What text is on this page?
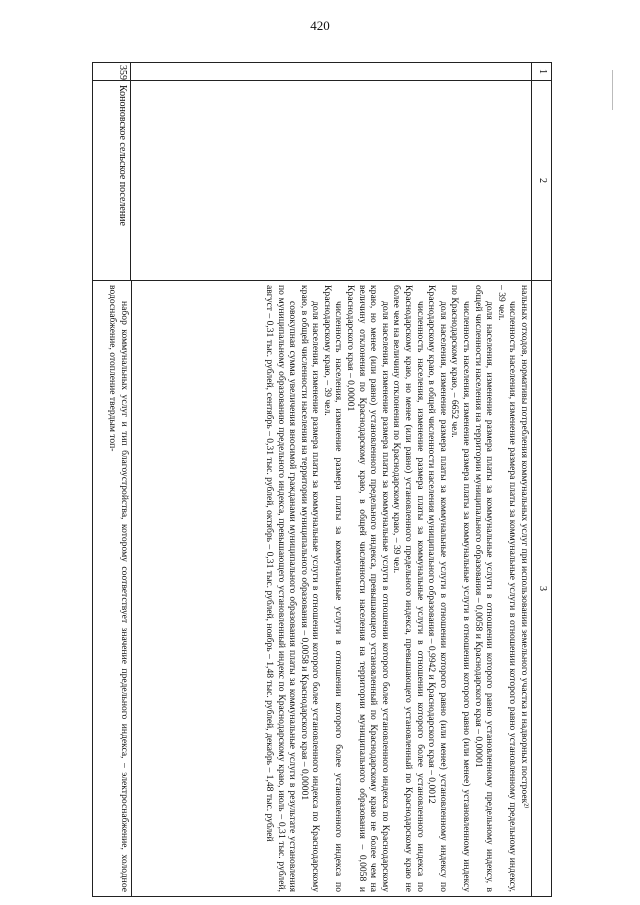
420
1
2
3
359
Кононовское сельское поселение

нальных отходов, нормативы потребления коммунальных услуг при использовании земельного участка и надворных построек²⁾

численность населения, изменение размера платы за коммунальные услуги в отношении которого равно установленному предельному индексу, – 39 чел.

доля населения, изменение размера платы за коммунальные услуги в отношении которого равно установленному предельному индексу, в общей численности населения на территории муниципального образования – 0,0058 и Краснодарского края – 0,00001

численность населения, изменение размера платы за коммунальные услуги в отношении которого равно (или менее) установленному индексу по Краснодарскому краю, – 6652 чел.

доля населения, изменение размера платы за коммунальные услуги в отношении которого равно (или менее) установленному индексу по Краснодарскому краю, в общей численности населения муниципального образования – 0,9942 и Краснодарского края – 0,0012

численность населения, изменение размера платы за коммунальные услуги в отношении которого более установленного индекса по Краснодарскому краю, но менее (или равно) установленного предельного индекса, превышающего установленный по Краснодарскому краю не более чем на величину отклонения по Краснодарскому краю, – 39 чел.

доля населения, изменение размера платы за коммунальные услуги в отношении которого более установленного индекса по Краснодарскому краю, но менее (или равно) установленного предельного индекса, превышающего установленный по Краснодарскому краю не более чем на величину отклонения по Краснодарскому краю, в общей численности населения на территории муниципального образования – 0,0058 и Краснодарского края – 0,00001

численность населения, изменение размера платы за коммунальные услуги в отношении которого более установленного индекса по Краснодарскому краю, – 39 чел.

доля населения, изменение размера платы за коммунальные услуги в отношении которого более установленного индекса по Краснодарскому краю, в общей численности населения на территории муниципального образования – 0,0058 и Краснодарского края – 0,00001

совокупная сумма увеличения вносимой гражданами муниципального образования платы за коммунальные услуги в результате установления по муниципальному образованию предельного индекса, превышающего установленный индекс по Краснодарскому краю, июль – 0,31 тыс. рублей, август – 0,31 тыс. рублей, сентябрь – 0,31 тыс. рублей, октябрь – 0,31 тыс. рублей, ноябрь – 1,48 тыс. рублей, декабрь – 1,48 тыс. рублей

набор коммунальных услуг и тип благоустройства, которому соответствует значение предельного индекса, – электроснабжение, холодное водоснабжение, отопление твердым топ-
